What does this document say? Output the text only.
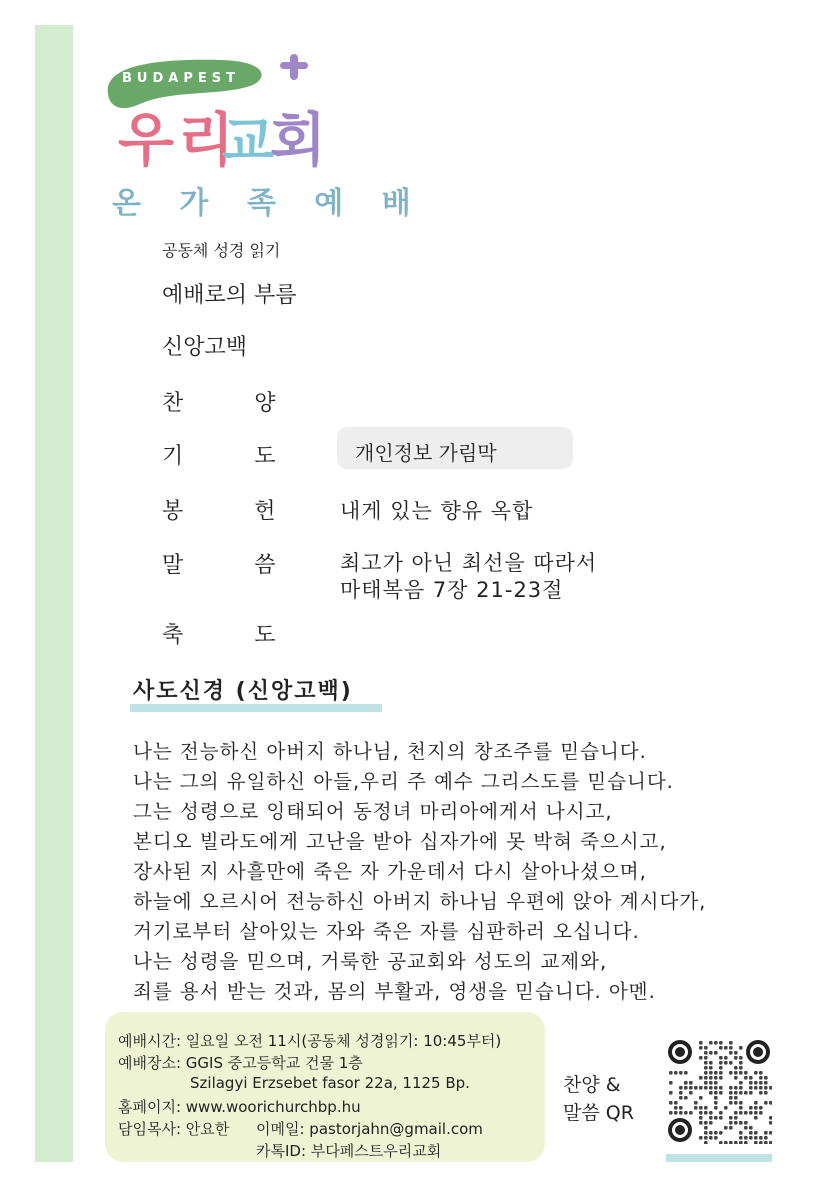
BUDAPEST
우 리
교
회
온 가 족 예 배
공동체 성경 읽기
예배로의 부름
신앙고백
찬 양
기 도 개인정보 가림막
봉 헌 내게 있는 향유 옥합
말 씀 최고가 아닌 최선을 따라서
마태복음 7장 21-23절
축 도
사도신경 (신앙고백)
나는 전능하신 아버지 하나님, 천지의 창조주를 믿습니다.
나는 그의 유일하신 아들,우리 주 예수 그리스도를 믿습니다.
그는 성령으로 잉태되어 동정녀 마리아에게서 나시고,
본디오 빌라도에게 고난을 받아 십자가에 못 박혀 죽으시고,
장사된 지 사흘만에 죽은 자 가운데서 다시 살아나셨으며,
하늘에 오르시어 전능하신 아버지 하나님 우편에 앉아 계시다가,
거기로부터 살아있는 자와 죽은 자를 심판하러 오십니다.
나는 성령을 믿으며, 거룩한 공교회와 성도의 교제와,
죄를 용서 받는 것과, 몸의 부활과, 영생을 믿습니다. 아멘.
예배시간: 일요일 오전 11시(공동체 성경읽기: 10:45부터)
예배장소: GGIS 중고등학교 건물 1층
Szilagyi Erzsebet fasor 22a, 1125 Bp.
홈페이지: www.woorichurchbp.hu
담임목사: 안요한 이메일: pastorjahn@gmail.com
카톡ID: 부다페스트우리교회
찬양 &
말씀 QR
